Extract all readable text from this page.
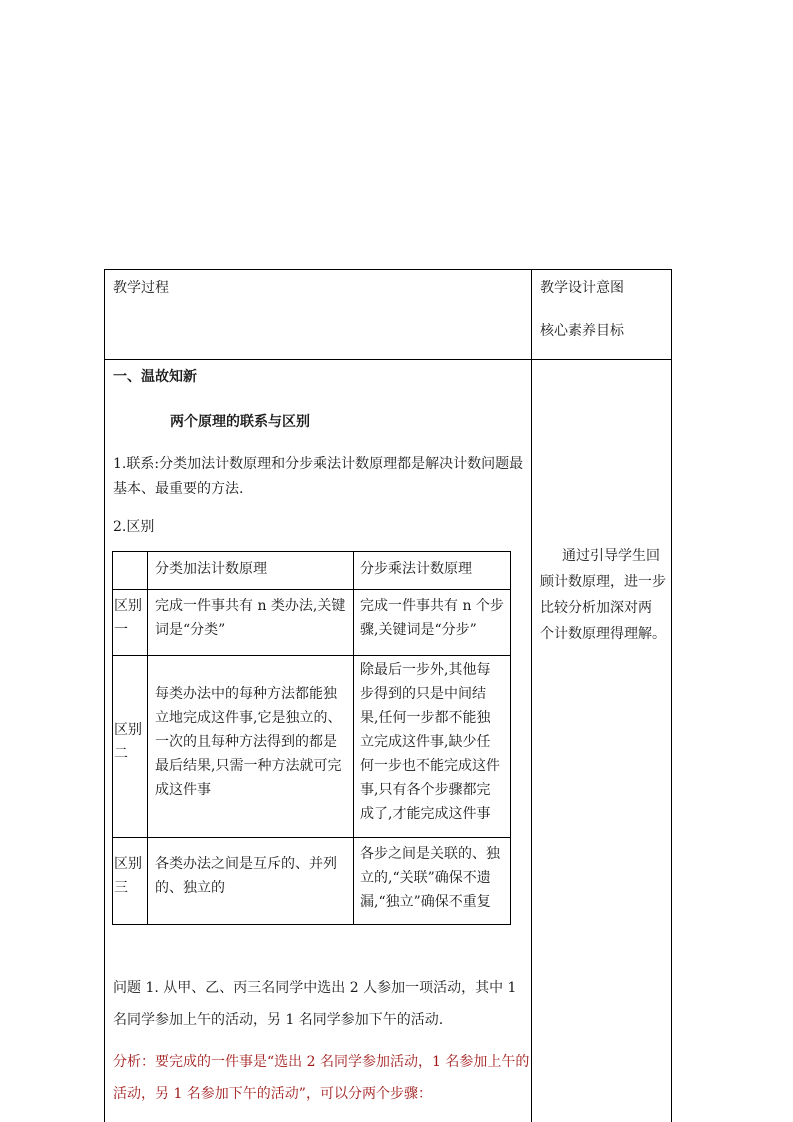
教学过程	教学设计意图
核心素养目标
一、温故知新
两个原理的联系与区别
1.联系:分类加法计数原理和分步乘法计数原理都是解决计数问题最
基本、最重要的方法.
2.区别
分类加法计数原理	分步乘法计数原理
区别
一
完成一件事共有 n 类办法,关键
词是“分类”
完成一件事共有 n 个步
骤,关键词是“分步”
区别
二
每类办法中的每种方法都能独
立地完成这件事,它是独立的、
一次的且每种方法得到的都是
最后结果,只需一种方法就可完
成这件事
除最后一步外,其他每
步得到的只是中间结
果,任何一步都不能独
立完成这件事,缺少任
何一步也不能完成这件
事,只有各个步骤都完
成了,才能完成这件事
区别
三
各类办法之间是互斥的、并列
的、独立的
各步之间是关联的、独
立的,“关联”确保不遗
漏,“独立”确保不重复
问题 1. 从甲、乙、丙三名同学中选出 2 人参加一项活动，其中 1
名同学参加上午的活动，另 1 名同学参加下午的活动.
分析：要完成的一件事是“选出 2 名同学参加活动，1 名参加上午的
活动，另 1 名参加下午的活动”，可以分两个步骤：
通过引导学生回
顾计数原理，进一步
比较分析加深对两
个计数原理得理解。
